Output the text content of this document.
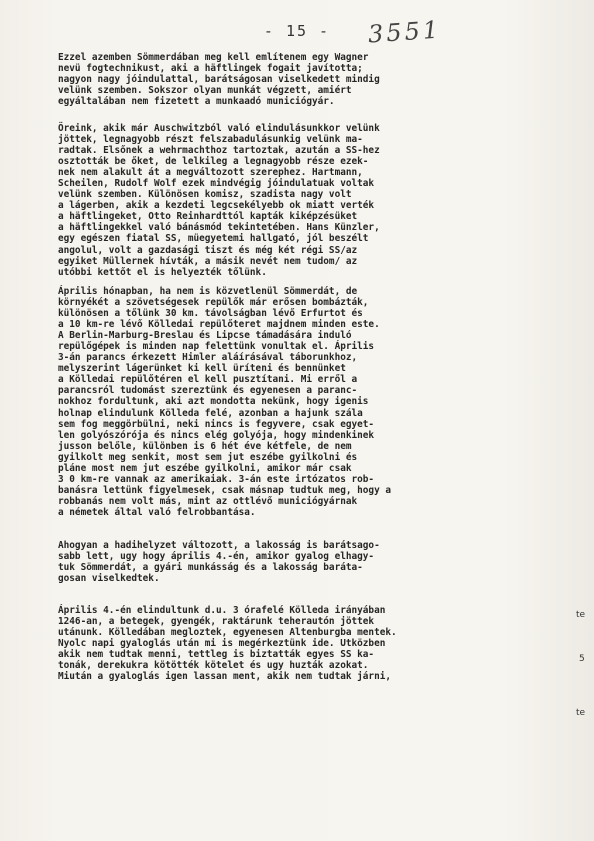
- 15 -	3551
Ezzel azemben Sömmerdában meg kell említenem egy Wagner
nevü fogtechnikust, aki a häftlingek fogait javította;
nagyon nagy jóindulattal, barátságosan viselkedett mindig
velünk szemben. Sokszor olyan munkát végzett, amiért
egyáltalában nem fizetett a munkaadó municiógyár.
Öreink, akik már Auschwitzból való elindulásunkkor velünk
jöttek, legnagyobb részt felszabadulásunkig velünk ma-
radtak. Elsőnek a wehrmachthoz tartoztak, azután a SS-hez
osztották be őket, de lelkileg a legnagyobb része ezek-
nek nem alakult át a megváltozott szerephez. Hartmann,
Scheilen, Rudolf Wolf ezek mindvégig jóindulatuak voltak
velünk szemben. Különösen komisz, szadista nagy volt
a lágerben, akik a kezdeti legcsekélyebb ok miatt verték
a häftlingeket, Otto Reinhardttól kapták kiképzésüket
a häftlingekkel való bánásmód tekintetében. Hans Künzler,
egy egészen fiatal SS, müegyetemi hallgató, jól beszélt
angolul, volt a gazdasági tiszt és még két régi SS/az
egyiket Müllernek hívták, a másik nevét nem tudom/ az
utóbbi kettőt el is helyezték tőlünk.
Április hónapban, ha nem is közvetlenül Sömmerdát, de
környékét a szövetségesek repülők már erősen bombázták,
különösen a tőlünk 30 km. távolságban lévő Erfurtot és
a 10 km-re lévő Kölledai repülőteret majdnem minden este.
A Berlin-Marburg-Breslau és Lipcse támadására induló
repülőgépek is minden nap felettünk vonultak el. Április
3-án parancs érkezett Himler aláírásával táborunkhoz,
melyszerint lágerünket ki kell üríteni és bennünket
a Kölledai repülőtéren el kell pusztítani. Mi erről a
parancsról tudomást szereztünk és egyenesen a paranc-
nokhoz fordultunk, aki azt mondotta nekünk, hogy igenis
holnap elindulunk Kölleda felé, azonban a hajunk szála
sem fog meggörbülni, neki nincs is fegyvere, csak egyet-
len golyószórója és nincs elég golyója, hogy mindenkinek
jusson belőle, különben is 6 hét éve kétfele, de nem
gyilkolt meg senkit, most sem jut eszébe gyilkolni és
pláne most nem jut eszébe gyilkolni, amikor már csak
3 0 km-re vannak az amerikaiak. 3-án este irtózatos rob-
banásra lettünk figyelmesek, csak másnap tudtuk meg, hogy a
robbanás nem volt más, mint az ottlévő municiógyárnak
a németek által való felrobbantása.
Ahogyan a hadihelyzet változott, a lakosság is barátsago-
sabb lett, ugy hogy április 4.-én, amikor gyalog elhagy-
tuk Sömmerdát, a gyári munkásság és a lakosság baráta-
gosan viselkedtek.
Április 4.-én elindultunk d.u. 3 órafelé Kölleda irányában
1246-an, a betegek, gyengék, raktárunk teherautón jöttek
utánunk. Kölledában megloztek, egyenesen Altenburgba mentek.
Nyolc napi gyaloglás után mi is megérkeztünk ide. Utközben
akik nem tudtak menni, tettleg is biztatták egyes SS ka-
tonák, derekukra kötötték kötelet és ugy huzták azokat.
Miután a gyaloglás igen lassan ment, akik nem tudtak járni,
te
5
te
